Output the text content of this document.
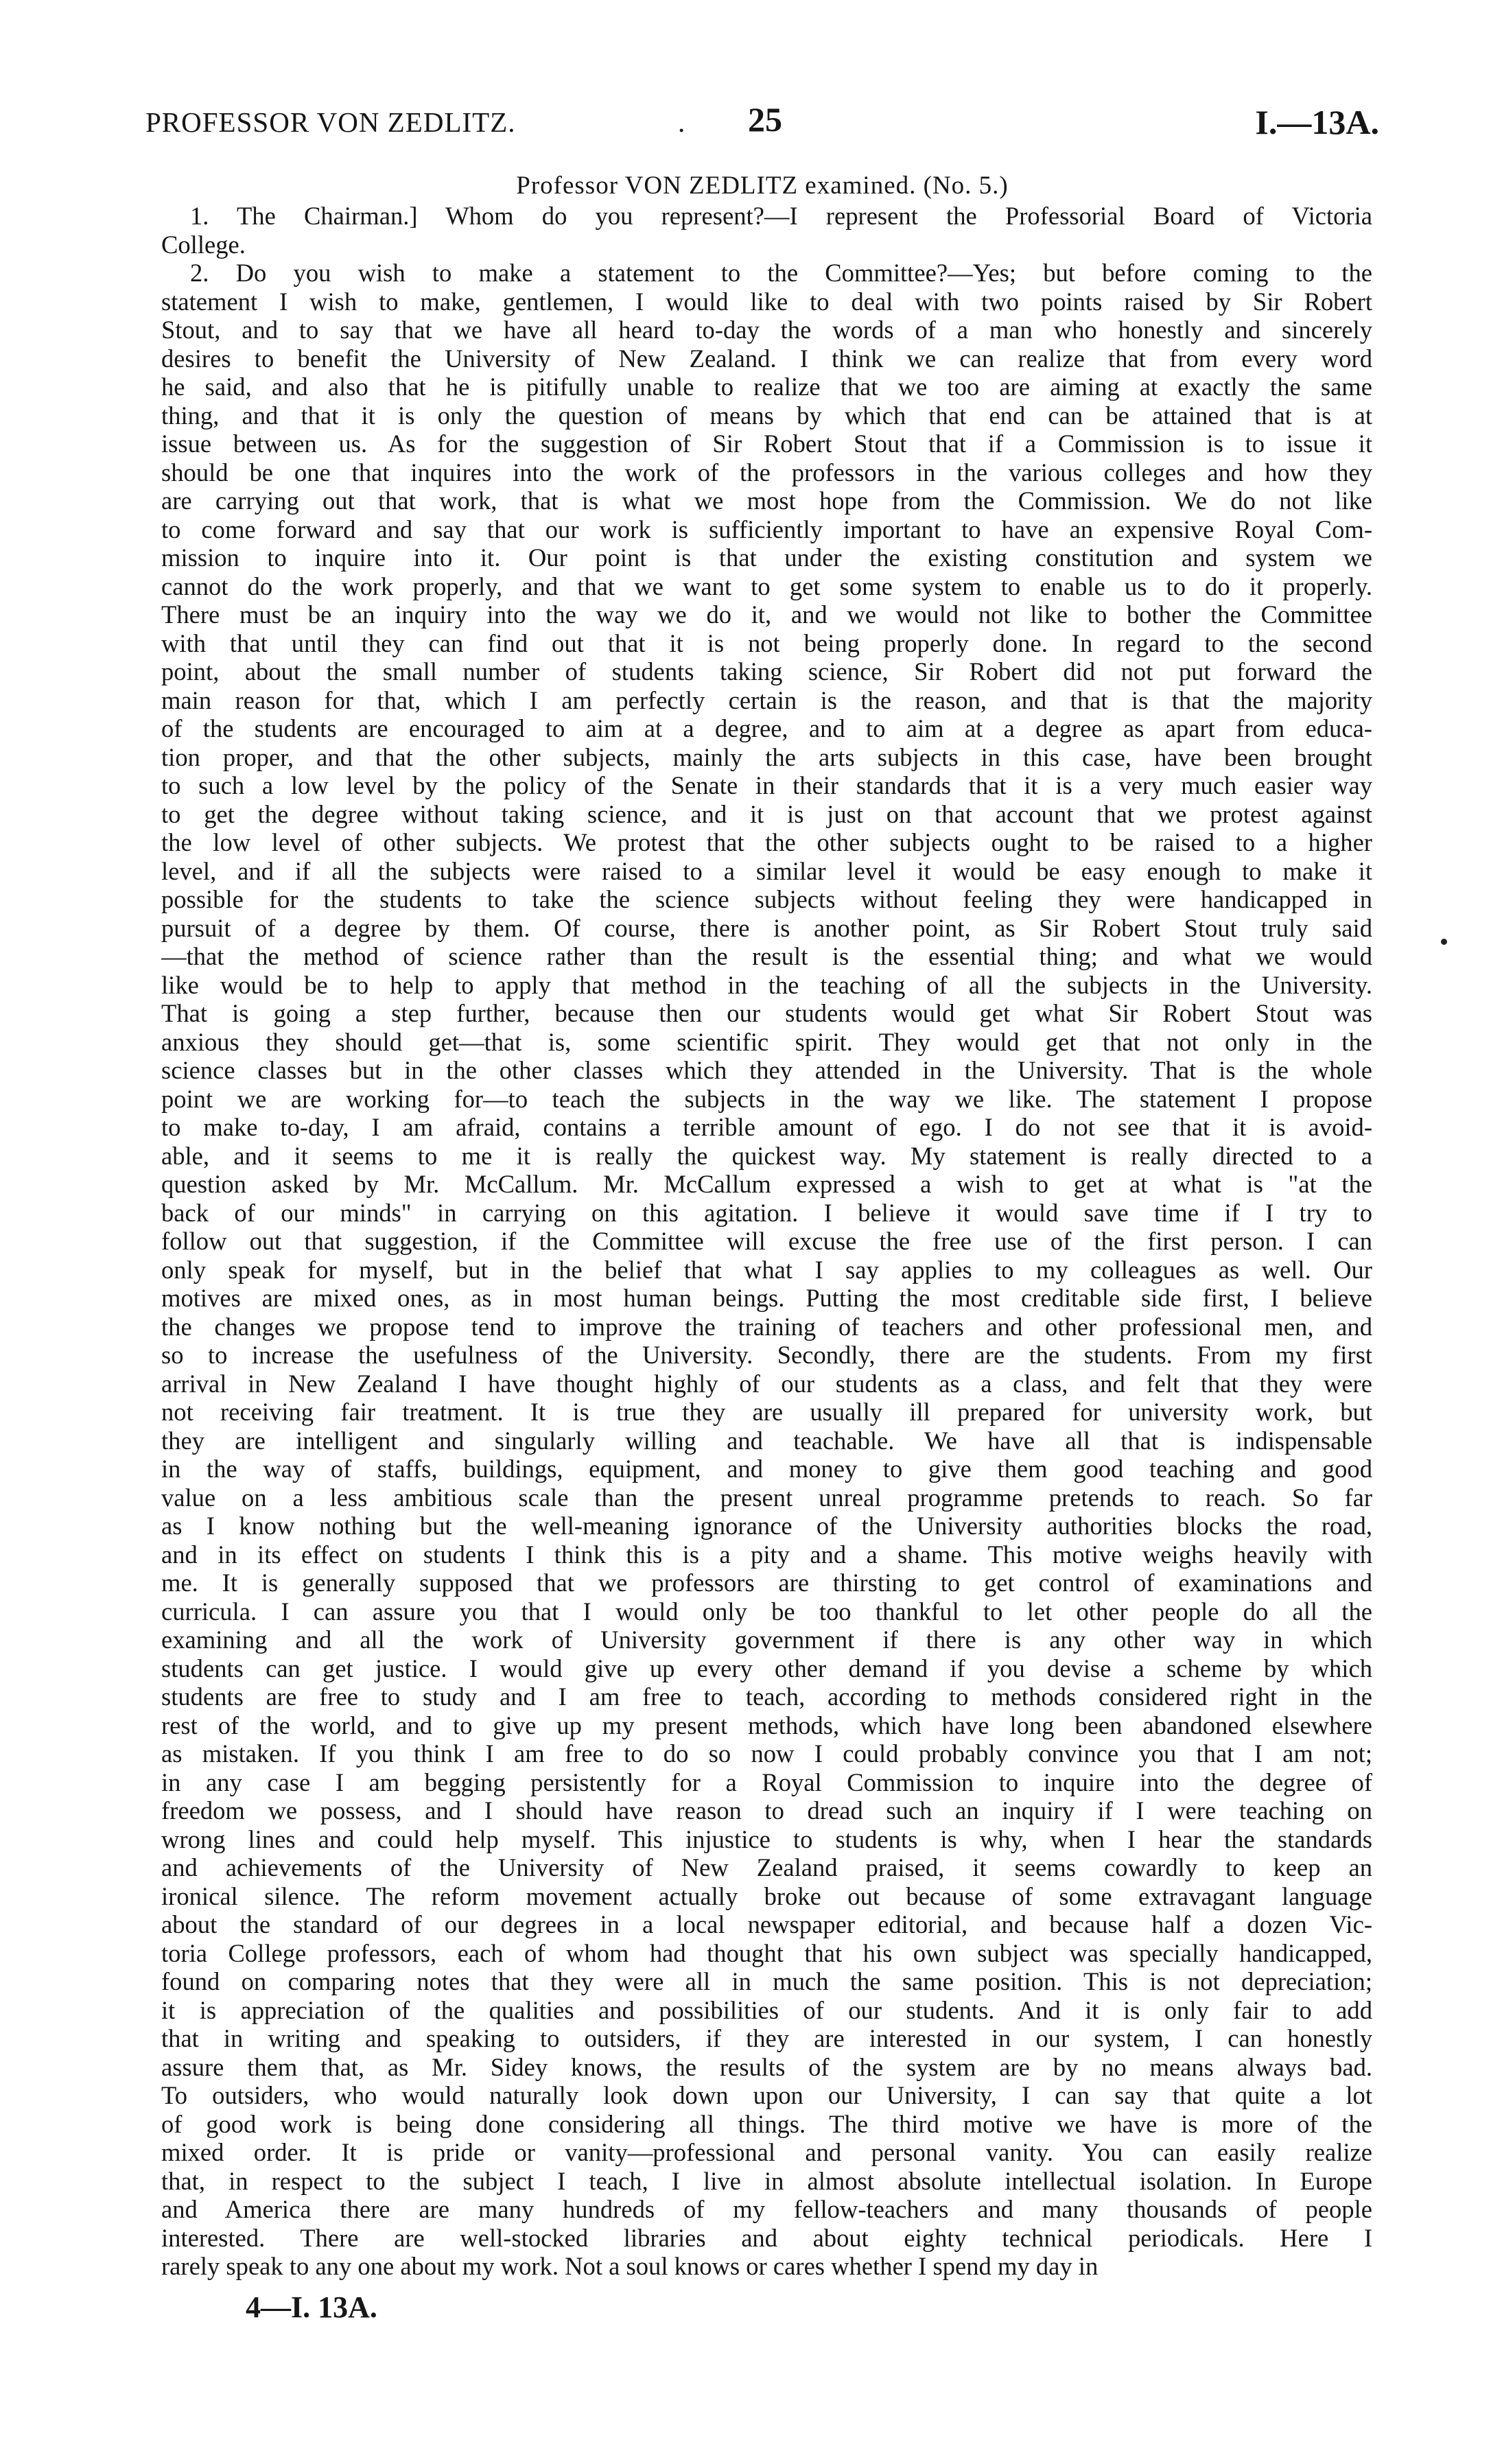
PROFESSOR VON ZEDLITZ.	. 25	I.—13A.
Professor VON ZEDLITZ examined. (No. 5.)
1. The Chairman.] Whom do you represent?—I represent the Professorial Board of Victoria
College.
2. Do you wish to make a statement to the Committee?—Yes; but before coming to the
statement I wish to make, gentlemen, I would like to deal with two points raised by Sir Robert
Stout, and to say that we have all heard to-day the words of a man who honestly and sincerely
desires to benefit the University of New Zealand. I think we can realize that from every word
he said, and also that he is pitifully unable to realize that we too are aiming at exactly the same
thing, and that it is only the question of means by which that end can be attained that is at
issue between us. As for the suggestion of Sir Robert Stout that if a Commission is to issue it
should be one that inquires into the work of the professors in the various colleges and how they
are carrying out that work, that is what we most hope from the Commission. We do not like
to come forward and say that our work is sufficiently important to have an expensive Royal Com-
mission to inquire into it. Our point is that under the existing constitution and system we
cannot do the work properly, and that we want to get some system to enable us to do it properly.
There must be an inquiry into the way we do it, and we would not like to bother the Committee
with that until they can find out that it is not being properly done. In regard to the second
point, about the small number of students taking science, Sir Robert did not put forward the
main reason for that, which I am perfectly certain is the reason, and that is that the majority
of the students are encouraged to aim at a degree, and to aim at a degree as apart from educa-
tion proper, and that the other subjects, mainly the arts subjects in this case, have been brought
to such a low level by the policy of the Senate in their standards that it is a very much easier way
to get the degree without taking science, and it is just on that account that we protest against
the low level of other subjects. We protest that the other subjects ought to be raised to a higher
level, and if all the subjects were raised to a similar level it would be easy enough to make it
possible for the students to take the science subjects without feeling they were handicapped in
pursuit of a degree by them. Of course, there is another point, as Sir Robert Stout truly said
—that the method of science rather than the result is the essential thing; and what we would
like would be to help to apply that method in the teaching of all the subjects in the University.
That is going a step further, because then our students would get what Sir Robert Stout was
anxious they should get—that is, some scientific spirit. They would get that not only in the
science classes but in the other classes which they attended in the University. That is the whole
point we are working for—to teach the subjects in the way we like. The statement I propose
to make to-day, I am afraid, contains a terrible amount of ego. I do not see that it is avoid-
able, and it seems to me it is really the quickest way. My statement is really directed to a
question asked by Mr. McCallum. Mr. McCallum expressed a wish to get at what is "at the
back of our minds" in carrying on this agitation. I believe it would save time if I try to
follow out that suggestion, if the Committee will excuse the free use of the first person. I can
only speak for myself, but in the belief that what I say applies to my colleagues as well. Our
motives are mixed ones, as in most human beings. Putting the most creditable side first, I believe
the changes we propose tend to improve the training of teachers and other professional men, and
so to increase the usefulness of the University. Secondly, there are the students. From my first
arrival in New Zealand I have thought highly of our students as a class, and felt that they were
not receiving fair treatment. It is true they are usually ill prepared for university work, but
they are intelligent and singularly willing and teachable. We have all that is indispensable
in the way of staffs, buildings, equipment, and money to give them good teaching and good
value on a less ambitious scale than the present unreal programme pretends to reach. So far
as I know nothing but the well-meaning ignorance of the University authorities blocks the road,
and in its effect on students I think this is a pity and a shame. This motive weighs heavily with
me. It is generally supposed that we professors are thirsting to get control of examinations and
curricula. I can assure you that I would only be too thankful to let other people do all the
examining and all the work of University government if there is any other way in which
students can get justice. I would give up every other demand if you devise a scheme by which
students are free to study and I am free to teach, according to methods considered right in the
rest of the world, and to give up my present methods, which have long been abandoned elsewhere
as mistaken. If you think I am free to do so now I could probably convince you that I am not;
in any case I am begging persistently for a Royal Commission to inquire into the degree of
freedom we possess, and I should have reason to dread such an inquiry if I were teaching on
wrong lines and could help myself. This injustice to students is why, when I hear the standards
and achievements of the University of New Zealand praised, it seems cowardly to keep an
ironical silence. The reform movement actually broke out because of some extravagant language
about the standard of our degrees in a local newspaper editorial, and because half a dozen Vic-
toria College professors, each of whom had thought that his own subject was specially handicapped,
found on comparing notes that they were all in much the same position. This is not depreciation;
it is appreciation of the qualities and possibilities of our students. And it is only fair to add
that in writing and speaking to outsiders, if they are interested in our system, I can honestly
assure them that, as Mr. Sidey knows, the results of the system are by no means always bad.
To outsiders, who would naturally look down upon our University, I can say that quite a lot
of good work is being done considering all things. The third motive we have is more of the
mixed order. It is pride or vanity—professional and personal vanity. You can easily realize
that, in respect to the subject I teach, I live in almost absolute intellectual isolation. In Europe
and America there are many hundreds of my fellow-teachers and many thousands of people
interested. There are well-stocked libraries and about eighty technical periodicals. Here I
rarely speak to any one about my work. Not a soul knows or cares whether I spend my day in
4—I. 13A.
